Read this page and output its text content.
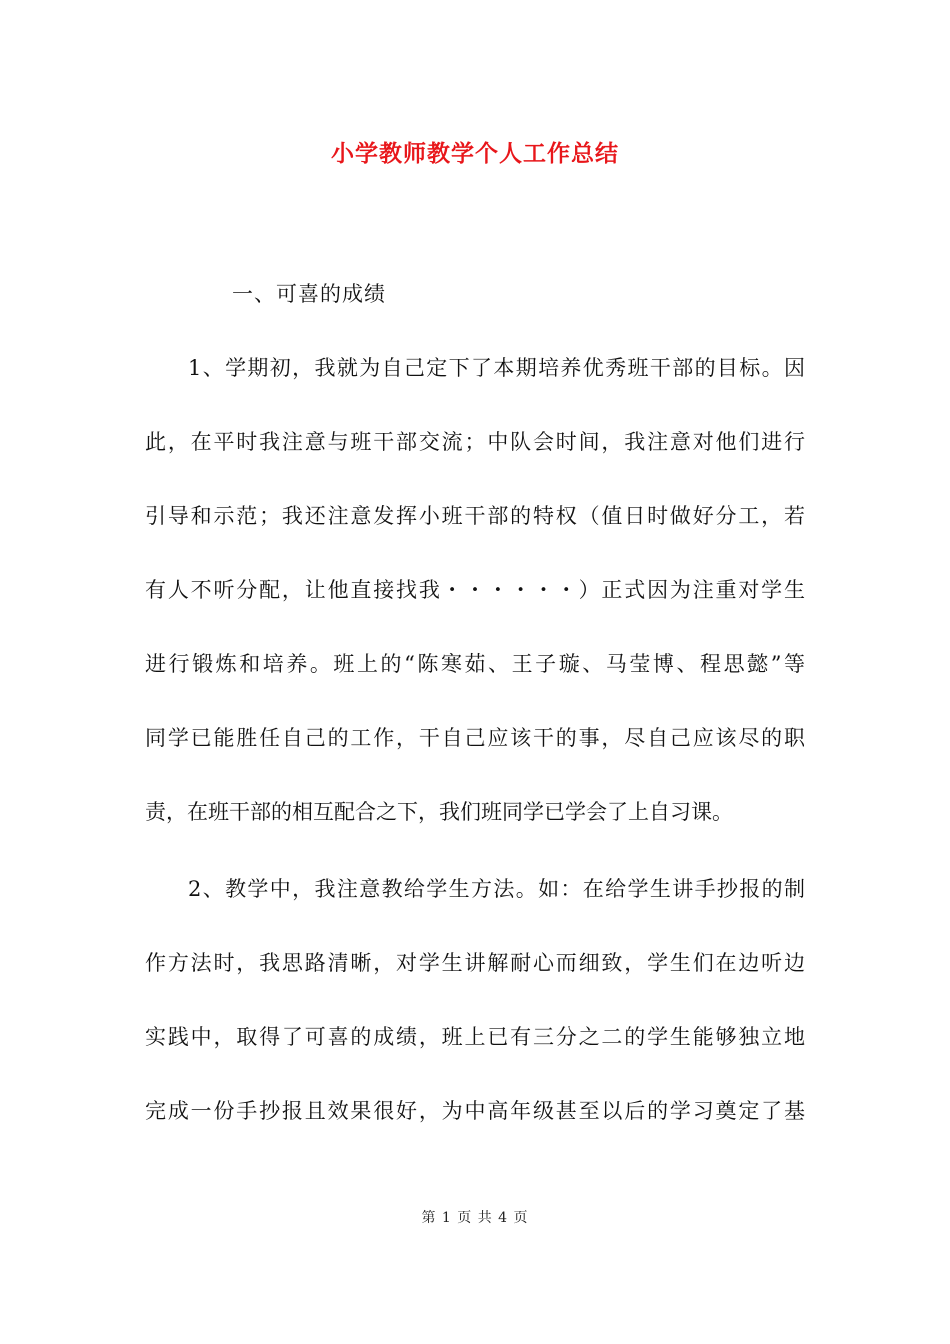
小学教师教学个人工作总结
一、可喜的成绩
1、学期初，我就为自己定下了本期培养优秀班干部的目标。因
此，在平时我注意与班干部交流；中队会时间，我注意对他们进行
引导和示范；我还注意发挥小班干部的特权（值日时做好分工，若
有人不听分配，让他直接找我・・・・・・）正式因为注重对学生
进行锻炼和培养。班上的“陈寒茹、王子璇、马莹博、程思懿”等
同学已能胜任自己的工作，干自己应该干的事，尽自己应该尽的职
责，在班干部的相互配合之下，我们班同学已学会了上自习课。
2、教学中，我注意教给学生方法。如：在给学生讲手抄报的制
作方法时，我思路清晰，对学生讲解耐心而细致，学生们在边听边
实践中，取得了可喜的成绩，班上已有三分之二的学生能够独立地
完成一份手抄报且效果很好，为中高年级甚至以后的学习奠定了基
第 1 页 共 4 页
